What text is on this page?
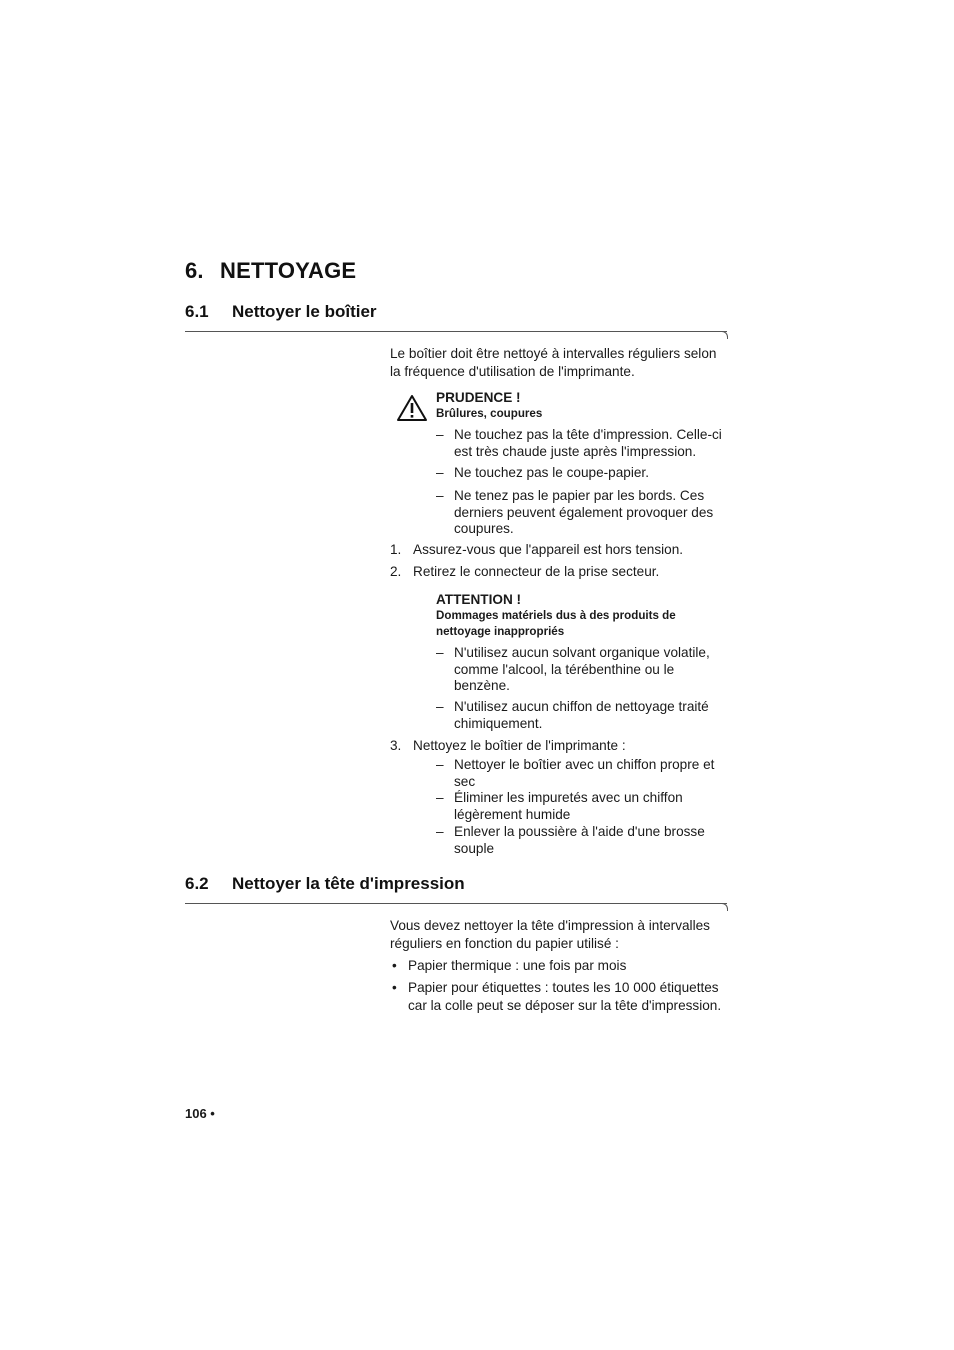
6. NETTOYAGE
6.1 Nettoyer le boîtier
Le boîtier doit être nettoyé à intervalles réguliers selon
la fréquence d'utilisation de l'imprimante.
PRUDENCE !
Brûlures, coupures
– Ne touchez pas la tête d'impression. Celle-ci
est très chaude juste après l'impression.
– Ne touchez pas le coupe-papier.
– Ne tenez pas le papier par les bords. Ces
derniers peuvent également provoquer des
coupures.
1. Assurez-vous que l'appareil est hors tension.
2. Retirez le connecteur de la prise secteur.
ATTENTION !
Dommages matériels dus à des produits de
nettoyage inappropriés
– N'utilisez aucun solvant organique volatile,
comme l'alcool, la térébenthine ou le
benzène.
– N'utilisez aucun chiffon de nettoyage traité
chimiquement.
3. Nettoyez le boîtier de l'imprimante :
– Nettoyer le boîtier avec un chiffon propre et
sec
– Éliminer les impuretés avec un chiffon
légèrement humide
– Enlever la poussière à l'aide d'une brosse
souple
6.2 Nettoyer la tête d'impression
Vous devez nettoyer la tête d'impression à intervalles
réguliers en fonction du papier utilisé :
• Papier thermique : une fois par mois
• Papier pour étiquettes : toutes les 10 000 étiquettes
car la colle peut se déposer sur la tête d'impression.
106 •
